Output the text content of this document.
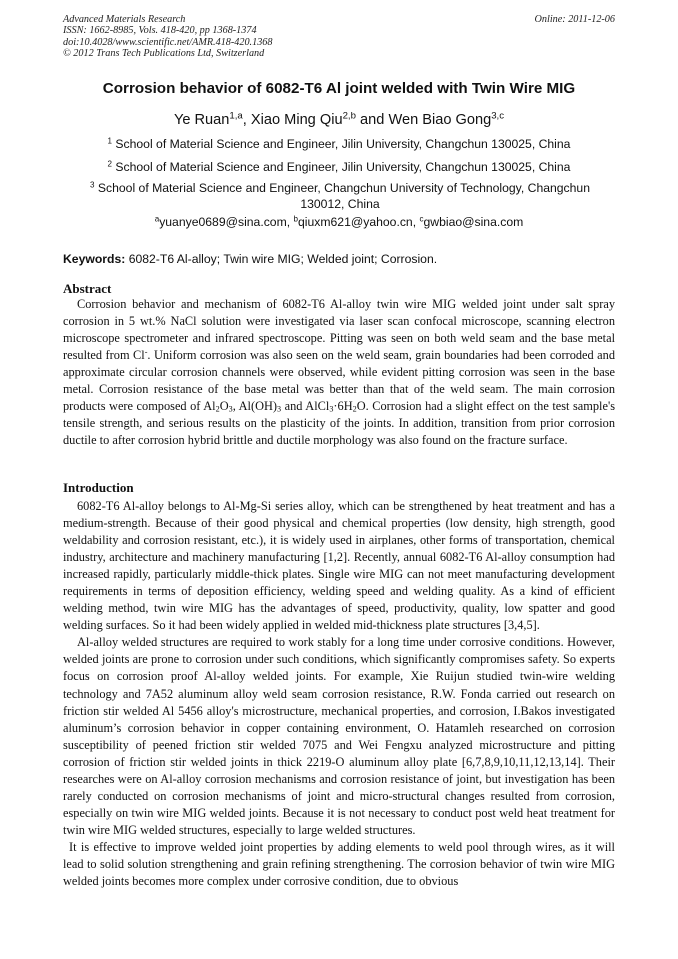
Advanced Materials Research
ISSN: 1662-8985, Vols. 418-420, pp 1368-1374
doi:10.4028/www.scientific.net/AMR.418-420.1368
© 2012 Trans Tech Publications Ltd, Switzerland
Online: 2011-12-06
Corrosion behavior of 6082-T6 Al joint welded with Twin Wire MIG
Ye Ruan$^{1,a}$, Xiao Ming Qiu$^{2,b}$ and Wen Biao Gong$^{3,c}$
$^1$ School of Material Science and Engineer, Jilin University, Changchun 130025, China
$^2$ School of Material Science and Engineer, Jilin University, Changchun 130025, China
$^3$ School of Material Science and Engineer, Changchun University of Technology, Changchun 130012, China
$^a$yuanye0689@sina.com, $^b$qiuxm621@yahoo.cn, $^c$gwbiao@sina.com
Keywords: 6082-T6 Al-alloy; Twin wire MIG; Welded joint; Corrosion.
Abstract

Corrosion behavior and mechanism of 6082-T6 Al-alloy twin wire MIG welded joint under salt spray corrosion in 5 wt.% NaCl solution were investigated via laser scan confocal microscope, scanning electron microscope spectrometer and infrared spectroscope. Pitting was seen on both weld seam and the base metal resulted from Cl-. Uniform corrosion was also seen on the weld seam, grain boundaries had been corroded and approximate circular corrosion channels were observed, while evident pitting corrosion was seen in the base metal. Corrosion resistance of the base metal was better than that of the weld seam. The main corrosion products were composed of $Al_2O_3$, $Al(OH)_3$ and $AlCl_3\cdot 6H_2O$. Corrosion had a slight effect on the test sample's tensile strength, and serious results on the plasticity of the joints. In addition, transition from prior corrosion ductile to after corrosion hybrid brittle and ductile morphology was also found on the fracture surface.

Introduction

6082-T6 Al-alloy belongs to Al-Mg-Si series alloy, which can be strengthened by heat treatment and has a medium-strength. Because of their good physical and chemical properties (low density, high strength, good weldability and corrosion resistant, etc.), it is widely used in airplanes, other forms of transportation, chemical industry, architecture and machinery manufacturing [1,2]. Recently, annual 6082-T6 Al-alloy consumption had increased rapidly, particularly middle-thick plates. Single wire MIG can not meet manufacturing development requirements in terms of deposition efficiency, welding speed and welding quality. As a kind of efficient welding method, twin wire MIG has the advantages of speed, productivity, quality, low spatter and good welding surfaces. So it had been widely applied in welded mid-thickness plate structures [3,4,5].

Al-alloy welded structures are required to work stably for a long time under corrosive conditions. However, welded joints are prone to corrosion under such conditions, which significantly compromises safety. So experts focus on corrosion proof Al-alloy welded joints. For example, Xie Ruijun studied twin-wire welding technology and 7A52 aluminum alloy weld seam corrosion resistance, R.W. Fonda carried out research on friction stir welded Al 5456 alloy's microstructure, mechanical properties, and corrosion, I.Bakos investigated aluminum’s corrosion behavior in copper containing environment, O. Hatamleh researched on corrosion susceptibility of peened friction stir welded 7075 and Wei Fengxu analyzed microstructure and pitting corrosion of friction stir welded joints in thick 2219-O aluminum alloy plate [6,7,8,9,10,11,12,13,14]. Their researches were on Al-alloy corrosion mechanisms and corrosion resistance of joint, but investigation has been rarely conducted on corrosion mechanisms of joint and micro-structural changes resulted from corrosion, especially on twin wire MIG welded joints. Because it is not necessary to conduct post weld heat treatment for twin wire MIG welded structures, especially to large welded structures.

It is effective to improve welded joint properties by adding elements to weld pool through wires, as it will lead to solid solution strengthening and grain refining strengthening. The corrosion behavior of twin wire MIG welded joints becomes more complex under corrosive condition, due to obvious
